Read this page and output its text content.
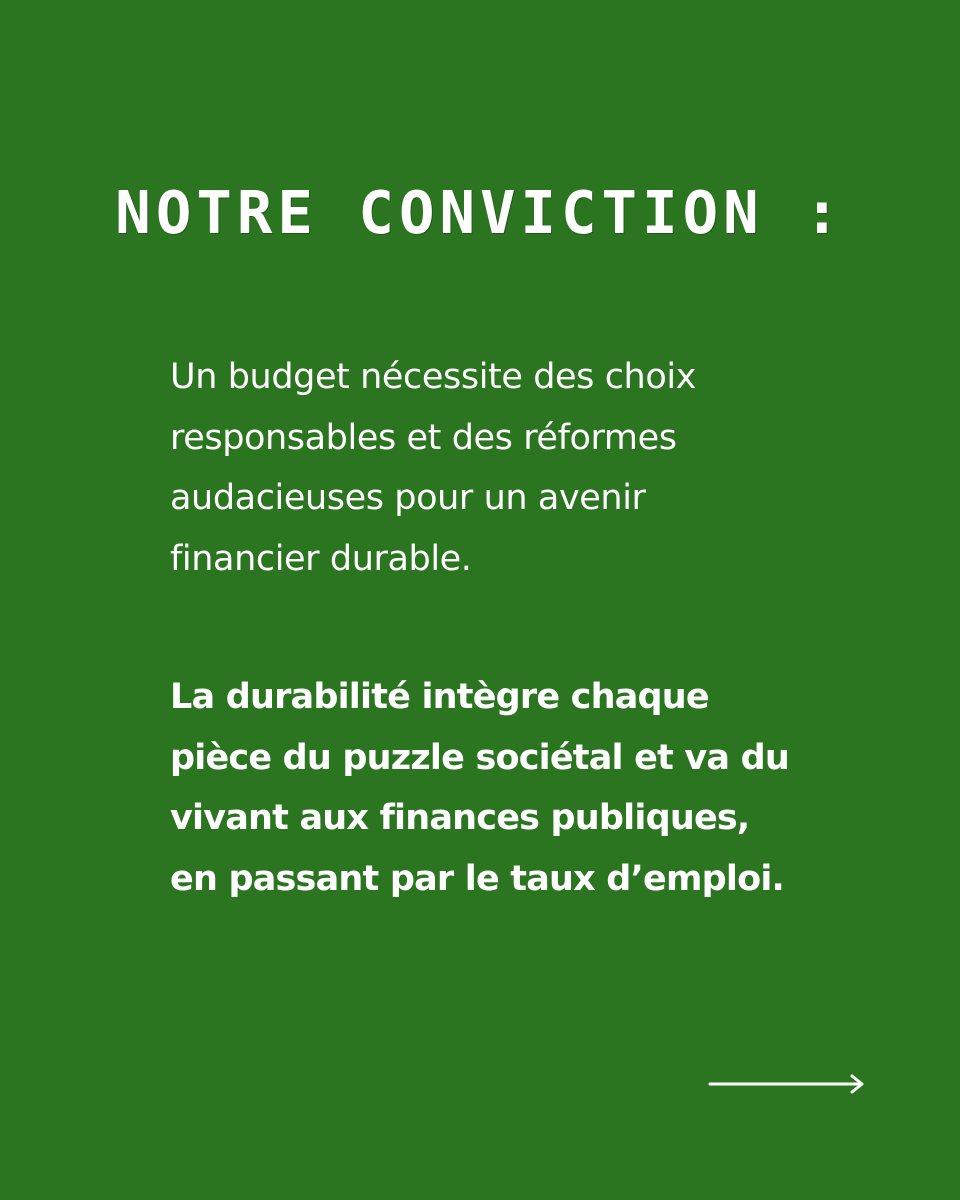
NOTRE CONVICTION :

Un budget nécessite des choix
responsables et des réformes
audacieuses pour un avenir
financier durable.

La durabilité intègre chaque
pièce du puzzle sociétal et va du
vivant aux finances publiques,
en passant par le taux d’emploi.
